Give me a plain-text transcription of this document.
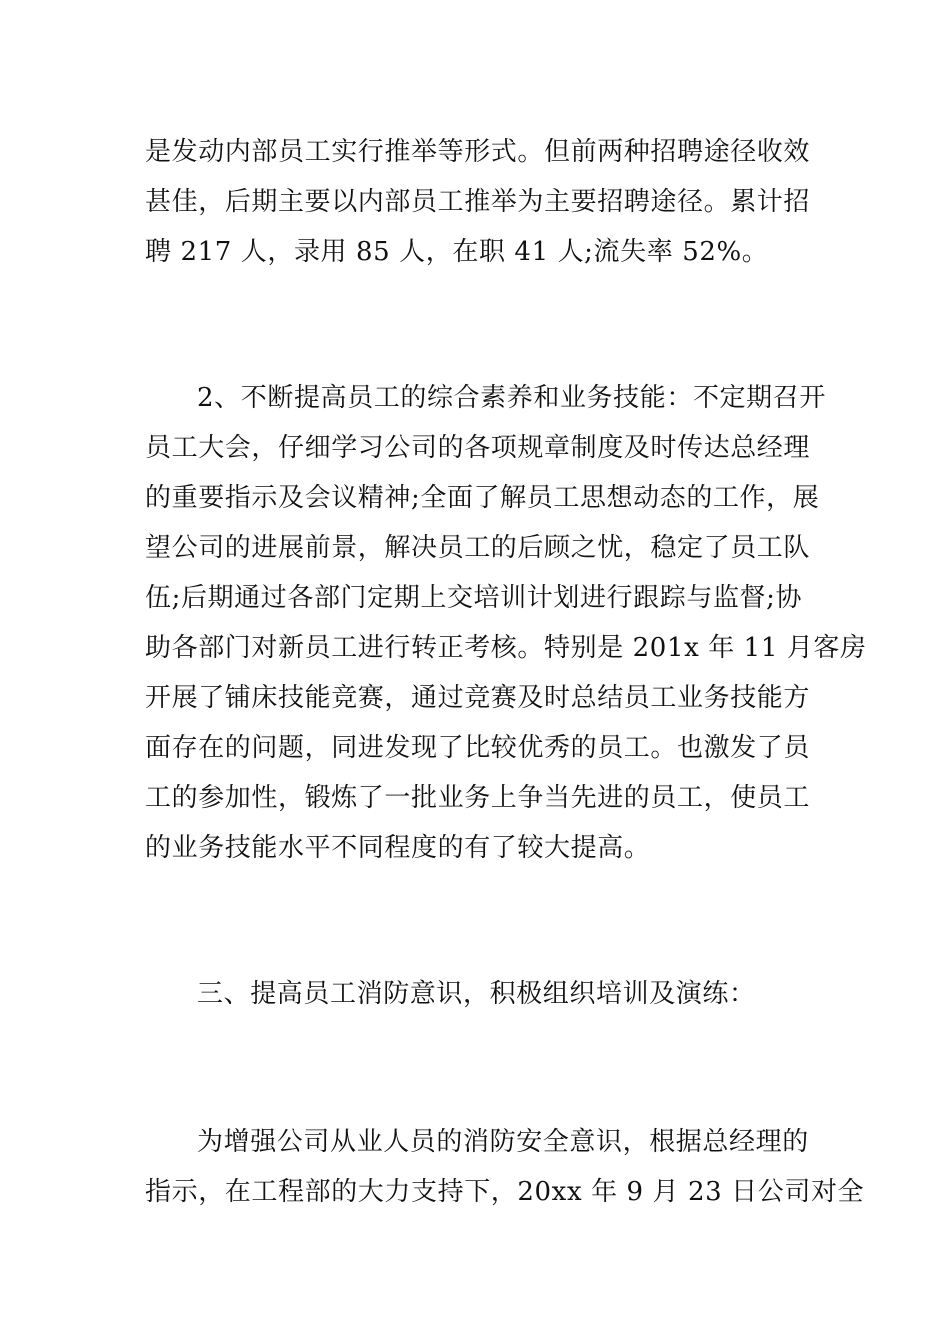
是发动内部员工实行推举等形式。但前两种招聘途径收效
甚佳，后期主要以内部员工推举为主要招聘途径。累计招
聘 217 人，录用 85 人，在职 41 人;流失率 52%。
2、不断提高员工的综合素养和业务技能：不定期召开
员工大会，仔细学习公司的各项规章制度及时传达总经理
的重要指示及会议精神;全面了解员工思想动态的工作，展
望公司的进展前景，解决员工的后顾之忧，稳定了员工队
伍;后期通过各部门定期上交培训计划进行跟踪与监督;协
助各部门对新员工进行转正考核。特别是 201x 年 11 月客房
开展了铺床技能竞赛，通过竞赛及时总结员工业务技能方
面存在的问题，同进发现了比较优秀的员工。也激发了员
工的参加性，锻炼了一批业务上争当先进的员工，使员工
的业务技能水平不同程度的有了较大提高。
三、提高员工消防意识，积极组织培训及演练：
为增强公司从业人员的消防安全意识，根据总经理的
指示，在工程部的大力支持下，20xx 年 9 月 23 日公司对全
